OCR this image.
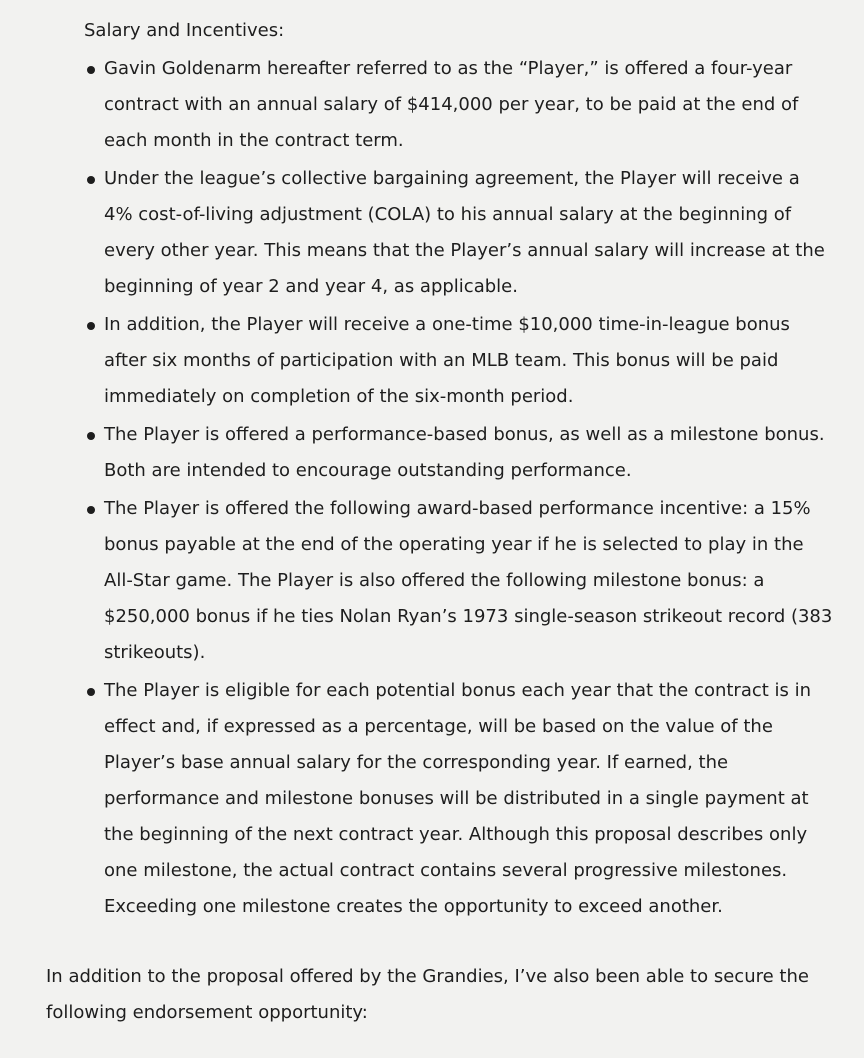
Salary and Incentives:

Gavin Goldenarm hereafter referred to as the “Player,” is offered a four-year contract with an annual salary of $414,000 per year, to be paid at the end of each month in the contract term.
Under the league’s collective bargaining agreement, the Player will receive a 4% cost-of-living adjustment (COLA) to his annual salary at the beginning of every other year. This means that the Player’s annual salary will increase at the beginning of year 2 and year 4, as applicable.
In addition, the Player will receive a one-time $10,000 time-in-league bonus after six months of participation with an MLB team. This bonus will be paid immediately on completion of the six-month period.
The Player is offered a performance-based bonus, as well as a milestone bonus. Both are intended to encourage outstanding performance.
The Player is offered the following award-based performance incentive: a 15% bonus payable at the end of the operating year if he is selected to play in the All-Star game. The Player is also offered the following milestone bonus: a $250,000 bonus if he ties Nolan Ryan’s 1973 single-season strikeout record (383 strikeouts).
The Player is eligible for each potential bonus each year that the contract is in effect and, if expressed as a percentage, will be based on the value of the Player’s base annual salary for the corresponding year. If earned, the performance and milestone bonuses will be distributed in a single payment at the beginning of the next contract year. Although this proposal describes only one milestone, the actual contract contains several progressive milestones. Exceeding one milestone creates the opportunity to exceed another.

In addition to the proposal offered by the Grandies, I’ve also been able to secure the following endorsement opportunity:
